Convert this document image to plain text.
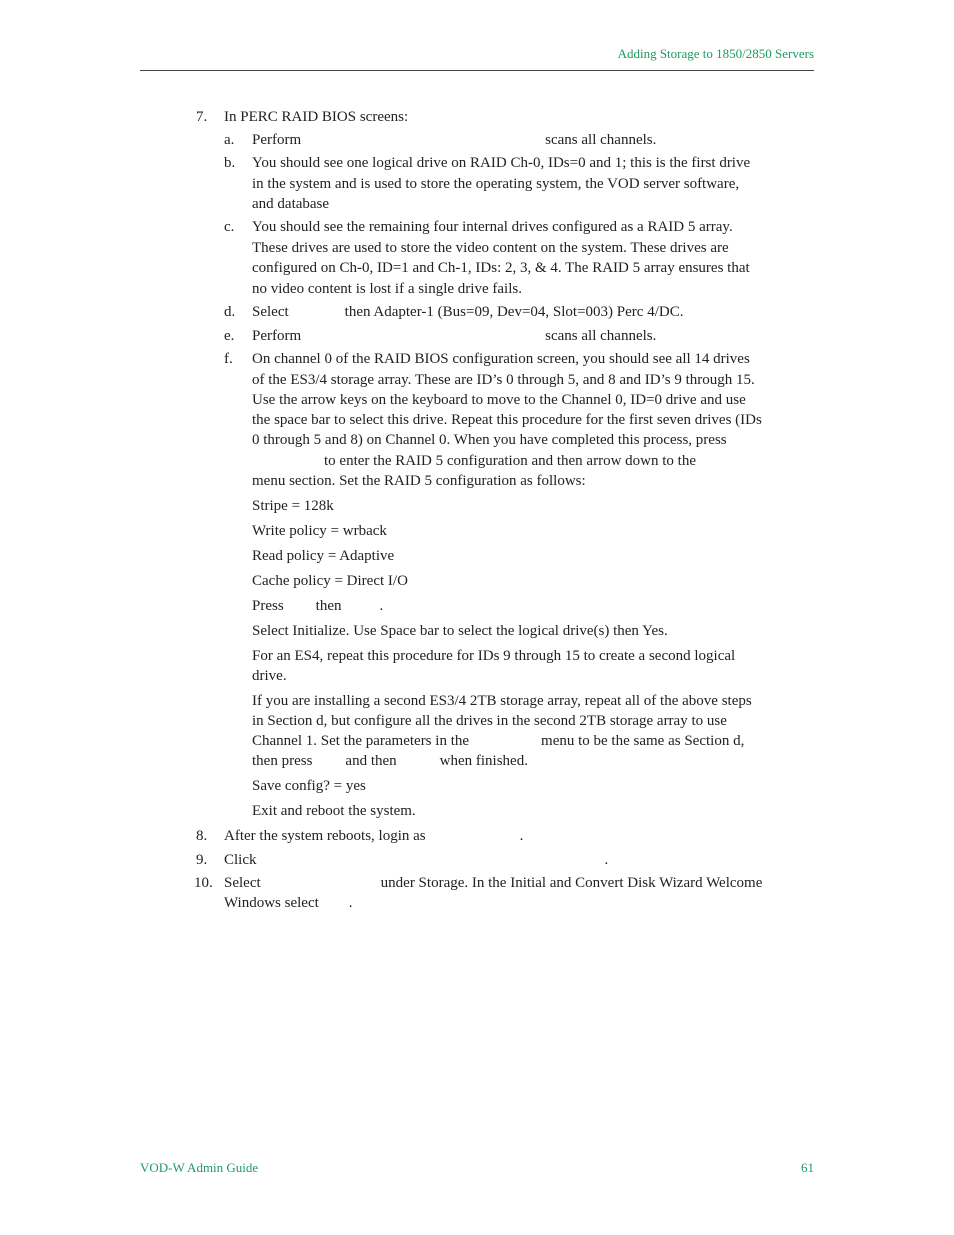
Adding Storage to 1850/2850 Servers
7. In PERC RAID BIOS screens:
a. Perform	scans all channels.
b. You should see one logical drive on RAID Ch-0, IDs=0 and 1; this is the first drive
in the system and is used to store the operating system, the VOD server software,
and database
c. You should see the remaining four internal drives configured as a RAID 5 array.
These drives are used to store the video content on the system. These drives are
configured on Ch-0, ID=1 and Ch-1, IDs: 2, 3, & 4. The RAID 5 array ensures that
no video content is lost if a single drive fails.
d. Select	then Adapter-1 (Bus=09, Dev=04, Slot=003) Perc 4/DC.
e. Perform	scans all channels.
f. On channel 0 of the RAID BIOS configuration screen, you should see all 14 drives
of the ES3/4 storage array. These are ID’s 0 through 5, and 8 and ID’s 9 through 15.
Use the arrow keys on the keyboard to move to the Channel 0, ID=0 drive and use
the space bar to select this drive. Repeat this procedure for the first seven drives (IDs
0 through 5 and 8) on Channel 0. When you have completed this process, press
to enter the RAID 5 configuration and then arrow down to the
menu section. Set the RAID 5 configuration as follows:
Stripe = 128k
Write policy = wrback
Read policy = Adaptive
Cache policy = Direct I/O
Press then	.
Select Initialize. Use Space bar to select the logical drive(s) then Yes.
For an ES4, repeat this procedure for IDs 9 through 15 to create a second logical
drive.
If you are installing a second ES3/4 2TB storage array, repeat all of the above steps
in Section d, but configure all the drives in the second 2TB storage array to use
Channel 1. Set the parameters in the	menu to be the same as Section d,
then press and then	when finished.
Save config? = yes
Exit and reboot the system.
8. After the system reboots, login as	.
9. Click	.
10. Select	under Storage. In the Initial and Convert Disk Wizard Welcome
Windows select .
VOD-W Admin Guide	61
